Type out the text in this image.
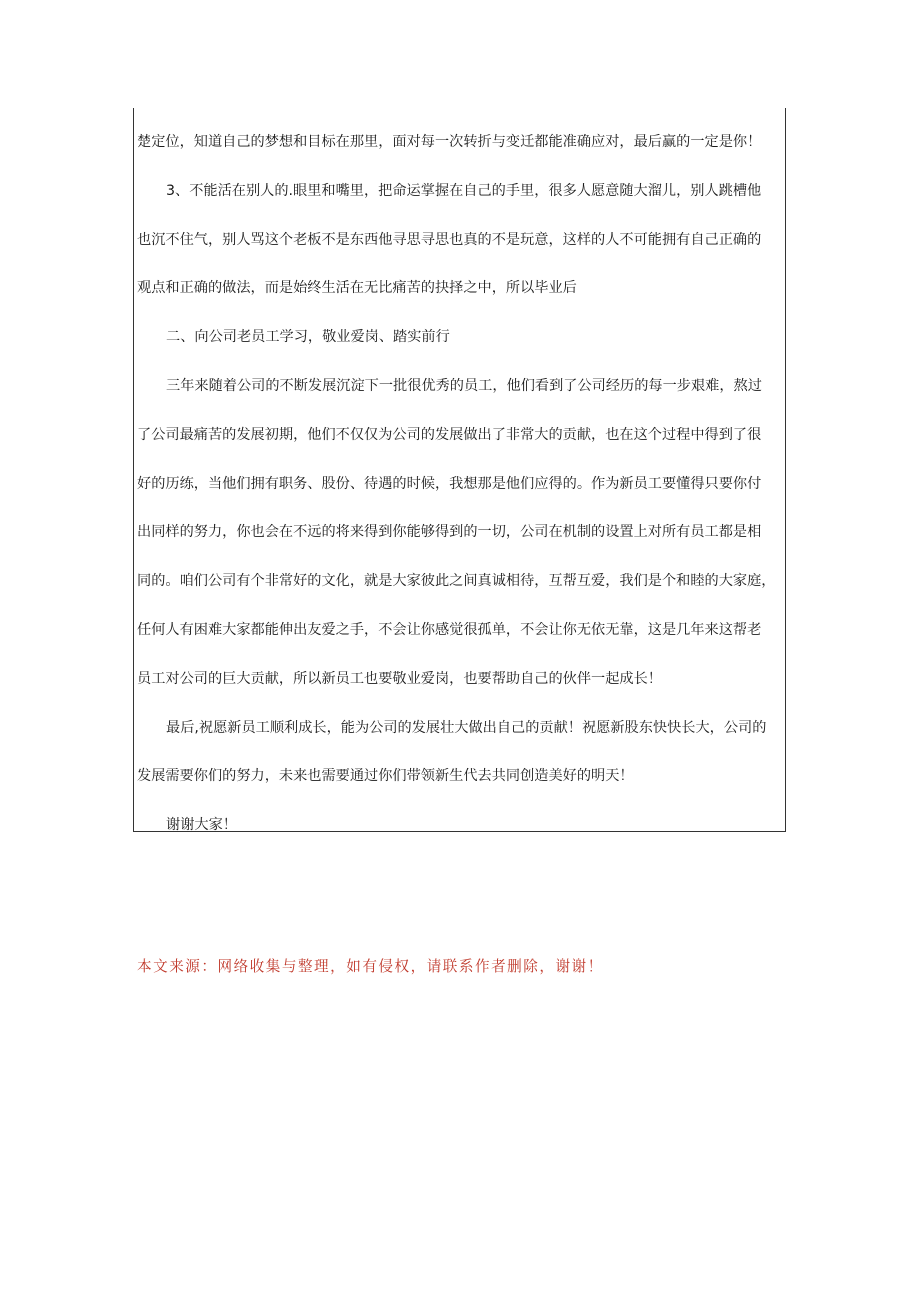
楚定位，知道自己的梦想和目标在那里，面对每一次转折与变迁都能准确应对，最后赢的一定是你！

3、不能活在别人的.眼里和嘴里，把命运掌握在自己的手里，很多人愿意随大溜儿，别人跳槽他

也沉不住气，别人骂这个老板不是东西他寻思寻思也真的不是玩意，这样的人不可能拥有自己正确的

观点和正确的做法，而是始终生活在无比痛苦的抉择之中，所以毕业后

二、向公司老员工学习，敬业爱岗、踏实前行

三年来随着公司的不断发展沉淀下一批很优秀的员工，他们看到了公司经历的每一步艰难，熬过

了公司最痛苦的发展初期，他们不仅仅为公司的发展做出了非常大的贡献，也在这个过程中得到了很

好的历练，当他们拥有职务、股份、待遇的时候，我想那是他们应得的。作为新员工要懂得只要你付

出同样的努力，你也会在不远的将来得到你能够得到的一切，公司在机制的设置上对所有员工都是相

同的。咱们公司有个非常好的文化，就是大家彼此之间真诚相待，互帮互爱，我们是个和睦的大家庭，

任何人有困难大家都能伸出友爱之手，不会让你感觉很孤单，不会让你无依无靠，这是几年来这帮老

员工对公司的巨大贡献，所以新员工也要敬业爱岗，也要帮助自己的伙伴一起成长！

最后,祝愿新员工顺利成长，能为公司的发展壮大做出自己的贡献！祝愿新股东快快长大，公司的

发展需要你们的努力，未来也需要通过你们带领新生代去共同创造美好的明天！

谢谢大家！

本文来源：网络收集与整理，如有侵权，请联系作者删除，谢谢！
